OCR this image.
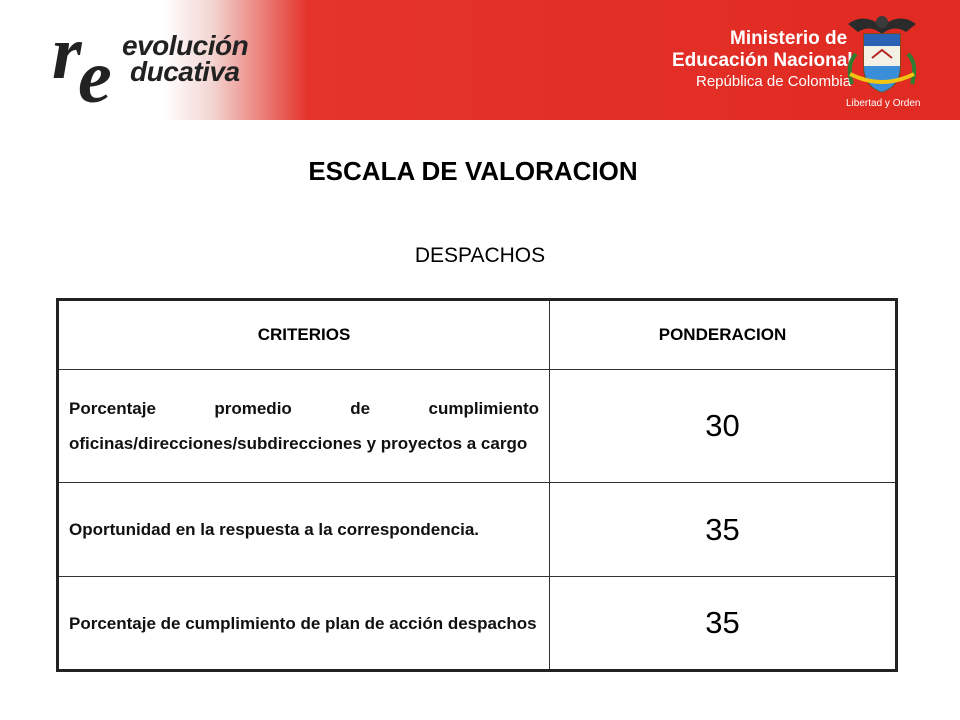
r
e evolución
ducativa
Ministerio de
Educación Nacional
República de Colombia
Libertad y Orden
ESCALA DE VALORACION
DESPACHOS
CRITERIOS	PONDERACION
Porcentaje promedio de cumplimiento oficinas/direcciones/subdirecciones y proyectos a cargo	30
Oportunidad en la respuesta a la correspondencia.	35
Porcentaje de cumplimiento de plan de acción despachos	35
